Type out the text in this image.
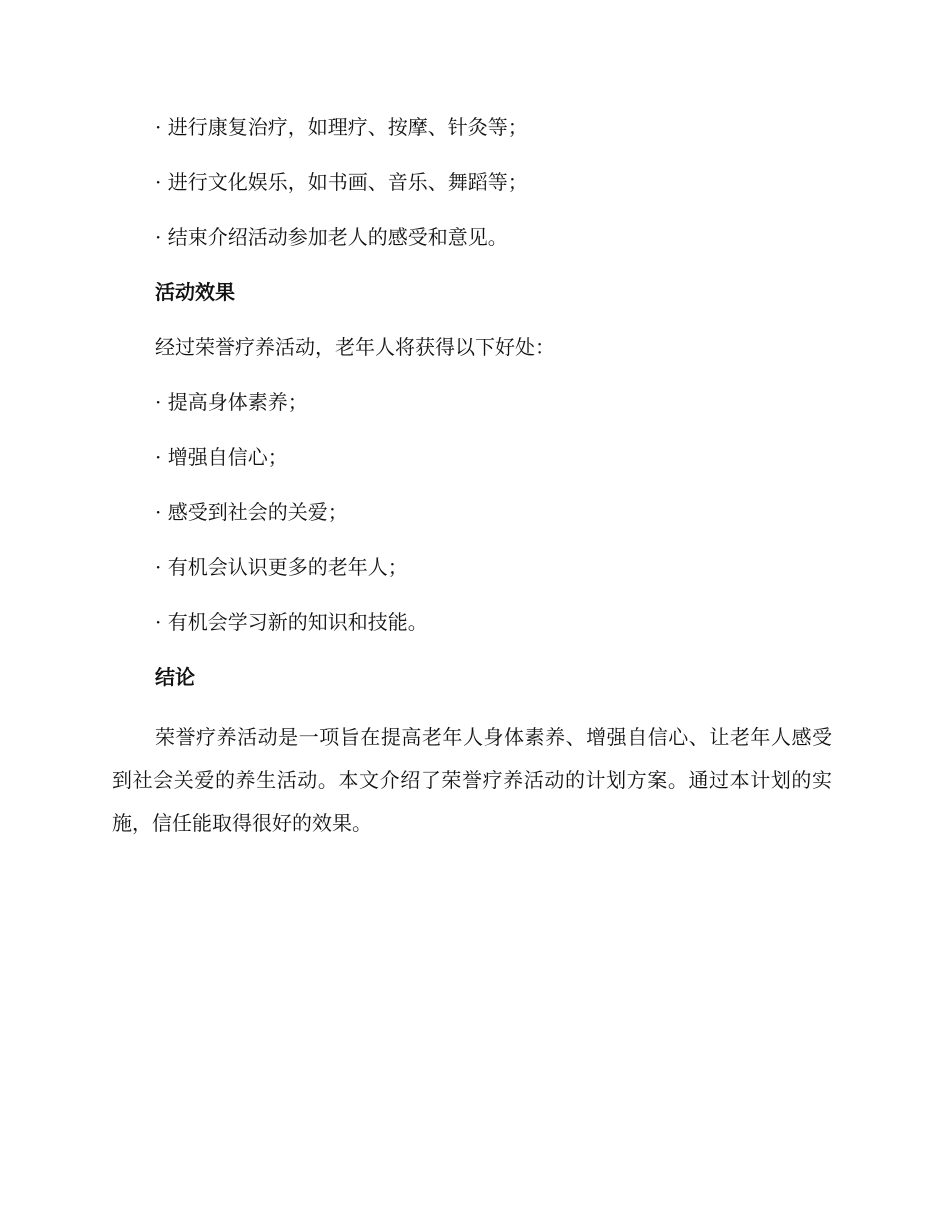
· 进行康复治疗，如理疗、按摩、针灸等；
· 进行文化娱乐，如书画、音乐、舞蹈等；
· 结束介绍活动参加老人的感受和意见。
活动效果
经过荣誉疗养活动，老年人将获得以下好处：
· 提高身体素养；
· 增强自信心；
· 感受到社会的关爱；
· 有机会认识更多的老年人；
· 有机会学习新的知识和技能。
结论
荣誉疗养活动是一项旨在提高老年人身体素养、增强自信心、让老年人感受到社会关爱的养生活动。本文介绍了荣誉疗养活动的计划方案。通过本计划的实施，信任能取得很好的效果。
